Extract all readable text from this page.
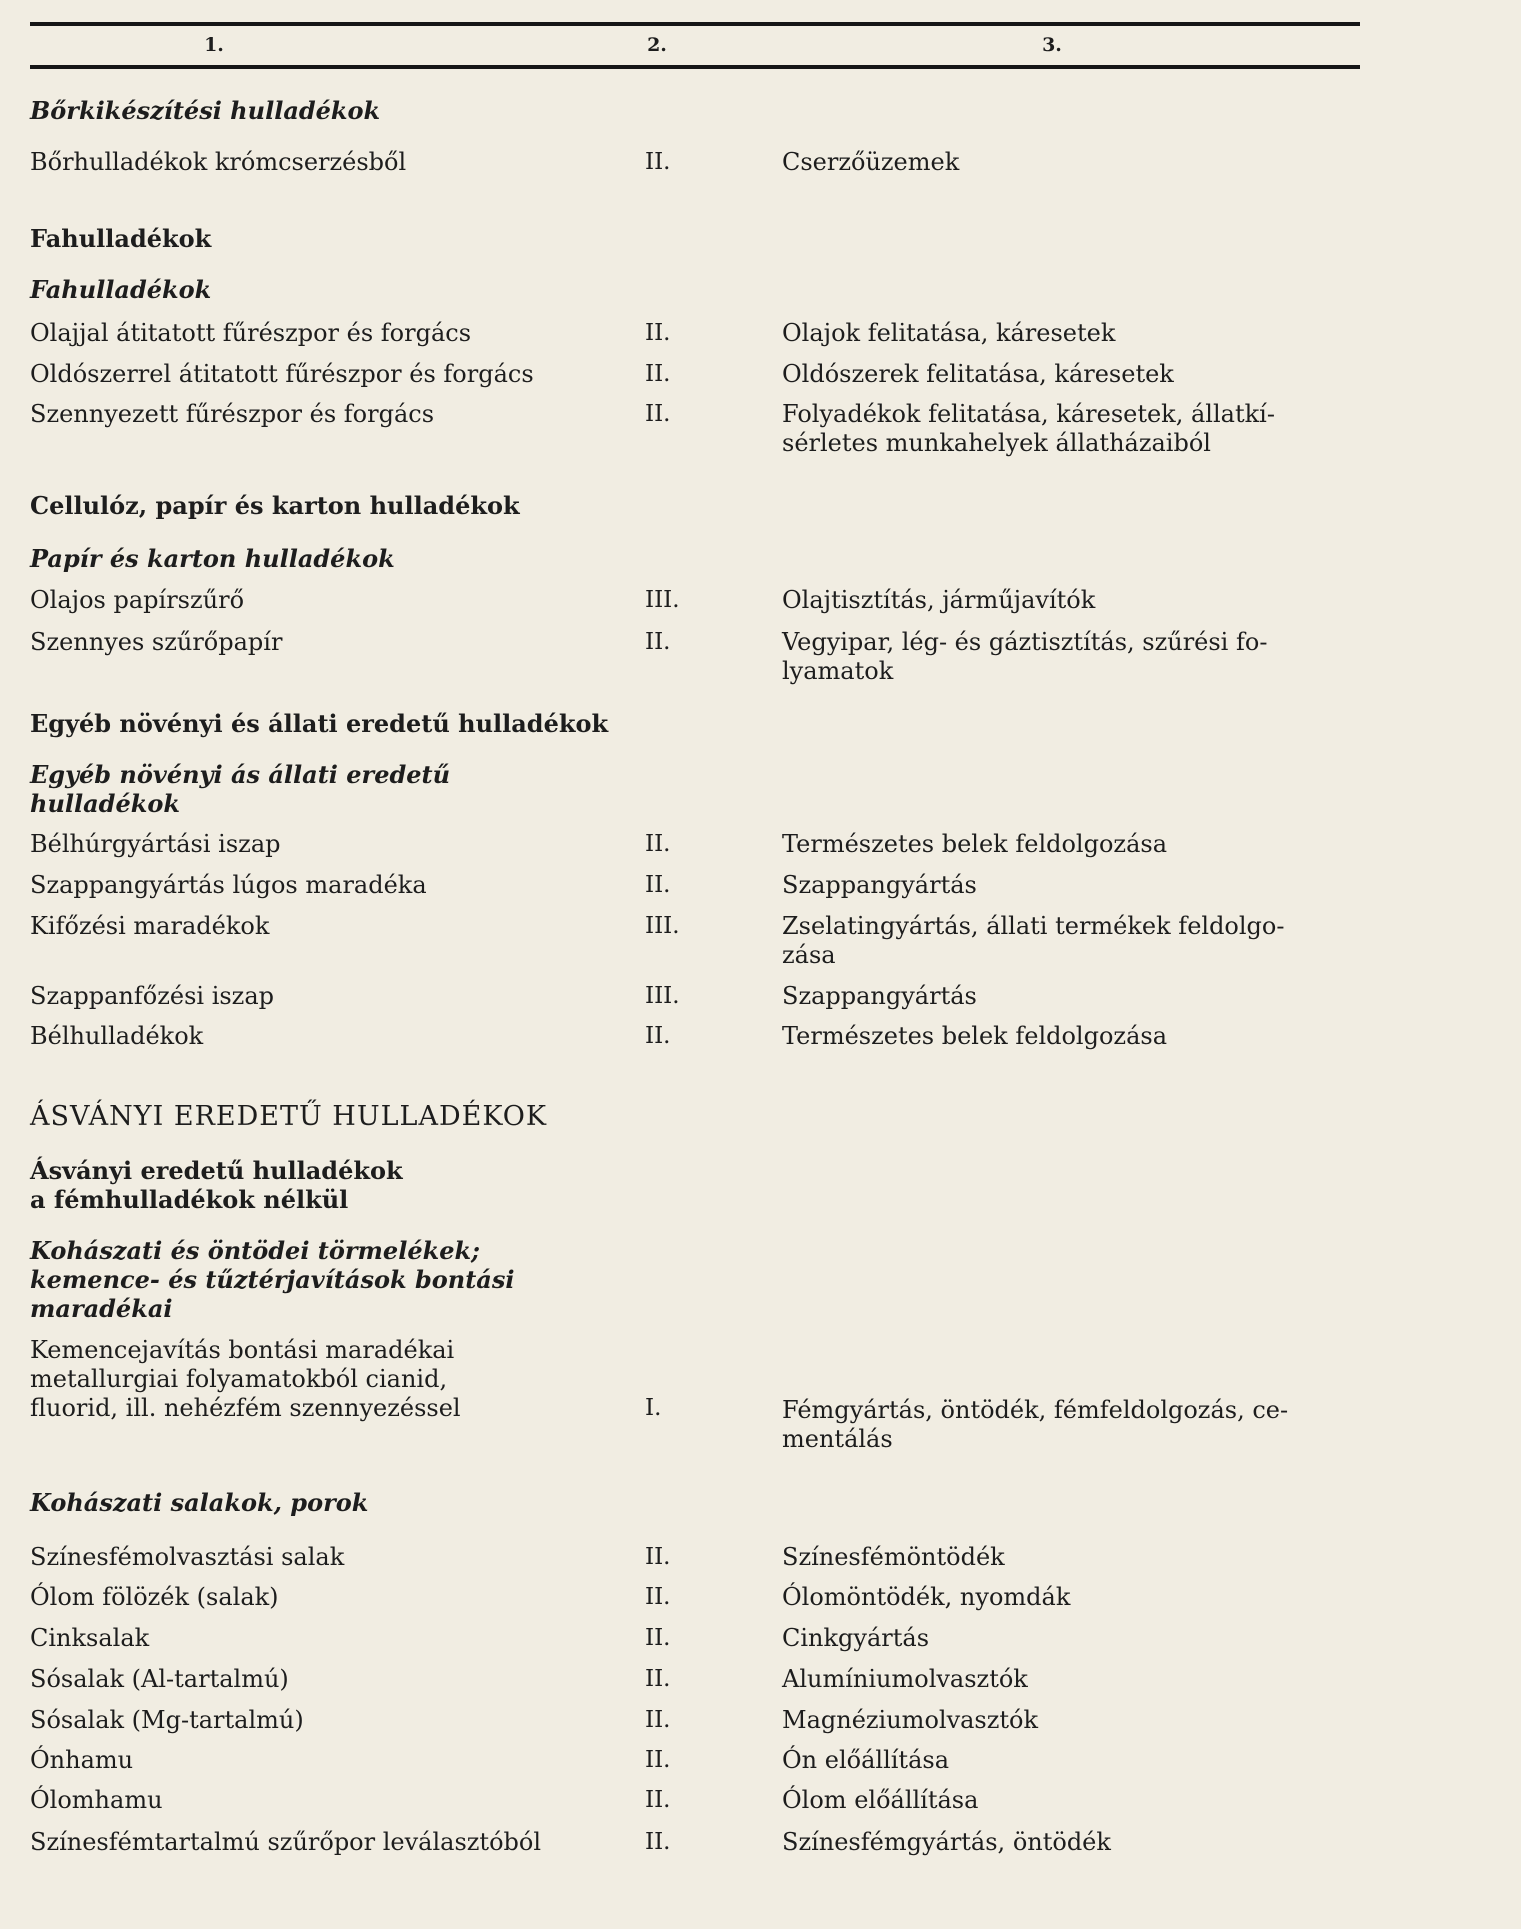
1.	2.	3.
Bőrkikészítési hulladékok
Bőrhulladékok krómcserzésből	II.	Cserzőüzemek
Fahulladékok
Fahulladékok
Olajjal átitatott fűrészpor és forgács	II.	Olajok felitatása, káresetek
Oldószerrel átitatott fűrészpor és forgács	II.	Oldószerek felitatása, káresetek
Szennyezett fűrészpor és forgács	II.	Folyadékok felitatása, káresetek, állatkí-
sérletes munkahelyek állatházaiból
Cellulóz, papír és karton hulladékok
Papír és karton hulladékok
Olajos papírszűrő	III.	Olajtisztítás, járműjavítók
Szennyes szűrőpapír	II.	Vegyipar, lég- és gáztisztítás, szűrési fo-
lyamatok
Egyéb növényi és állati eredetű hulladékok
Egyéb növényi ás állati eredetű
hulladékok
Bélhúrgyártási iszap	II.	Természetes belek feldolgozása
Szappangyártás lúgos maradéka	II.	Szappangyártás
Kifőzési maradékok	III.	Zselatingyártás, állati termékek feldolgo-
zása
Szappanfőzési iszap	III.	Szappangyártás
Bélhulladékok	II.	Természetes belek feldolgozása
ÁSVÁNYI EREDETŰ HULLADÉKOK
Ásványi eredetű hulladékok
a fémhulladékok nélkül
Kohászati és öntödei törmelékek;
kemence- és tűztérjavítások bontási
maradékai
Kemencejavítás bontási maradékai
metallurgiai folyamatokból cianid,
fluorid, ill. nehézfém szennyezéssel	I.	Fémgyártás, öntödék, fémfeldolgozás, ce-
mentálás
Kohászati salakok, porok
Színesfémolvasztási salak	II.	Színesfémöntödék
Ólom fölözék (salak)	II.	Ólomöntödék, nyomdák
Cinksalak	II.	Cinkgyártás
Sósalak (Al-tartalmú)	II.	Alumíniumolvasztók
Sósalak (Mg-tartalmú)	II.	Magnéziumolvasztók
Ónhamu	II.	Ón előállítása
Ólomhamu	II.	Ólom előállítása
Színesfémtartalmú szűrőpor leválasztóból	II.	Színesfémgyártás, öntödék
